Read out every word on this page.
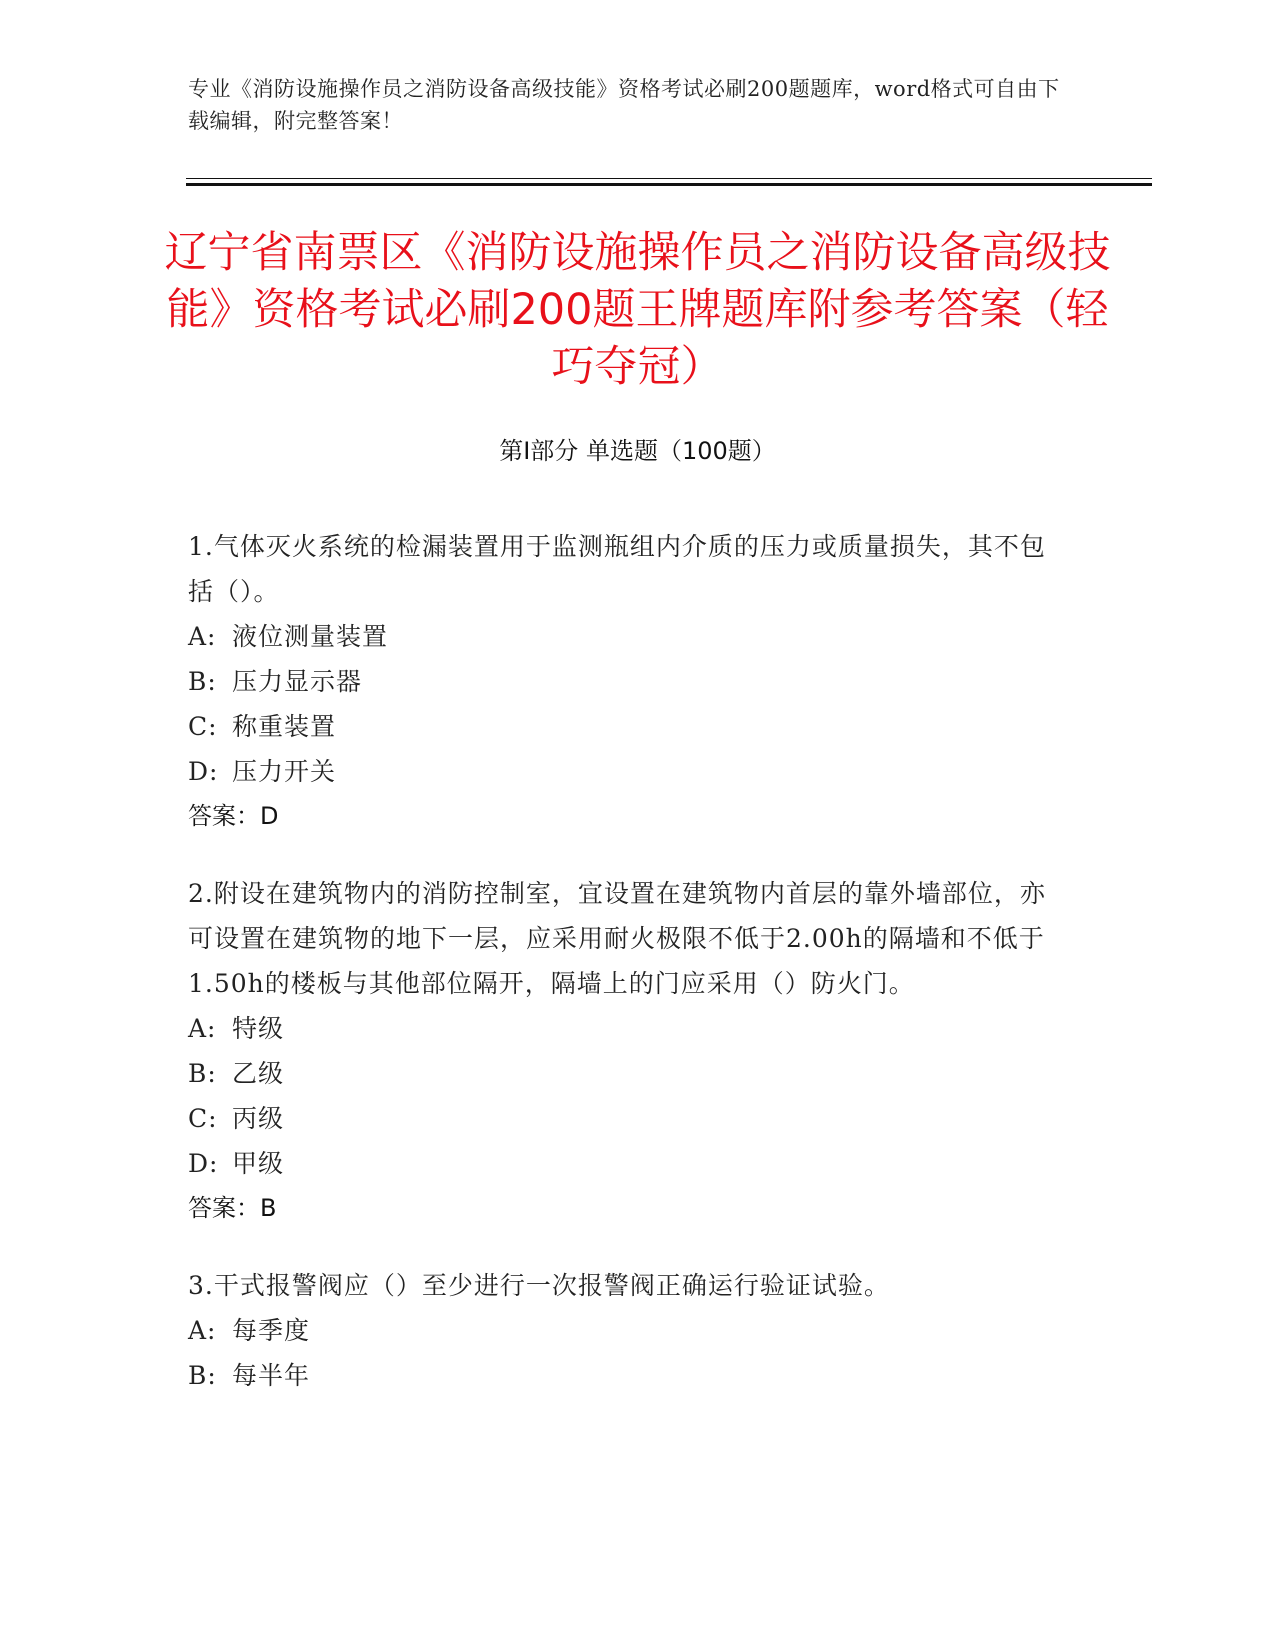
专业《消防设施操作员之消防设备高级技能》资格考试必刷200题题库，word格式可自由下载编辑，附完整答案！
辽宁省南票区《消防设施操作员之消防设备高级技能》资格考试必刷200题王牌题库附参考答案（轻巧夺冠）
第Ⅰ部分 单选题（100题）
1.气体灭火系统的检漏装置用于监测瓶组内介质的压力或质量损失，其不包括（）。
A: 液位测量装置
B: 压力显示器
C: 称重装置
D: 压力开关
答案：D
2.附设在建筑物内的消防控制室，宜设置在建筑物内首层的靠外墙部位，亦可设置在建筑物的地下一层，应采用耐火极限不低于2.00h的隔墙和不低于1.50h的楼板与其他部位隔开，隔墙上的门应采用（）防火门。
A: 特级
B: 乙级
C: 丙级
D: 甲级
答案：B
3.干式报警阀应（）至少进行一次报警阀正确运行验证试验。
A: 每季度
B: 每半年
